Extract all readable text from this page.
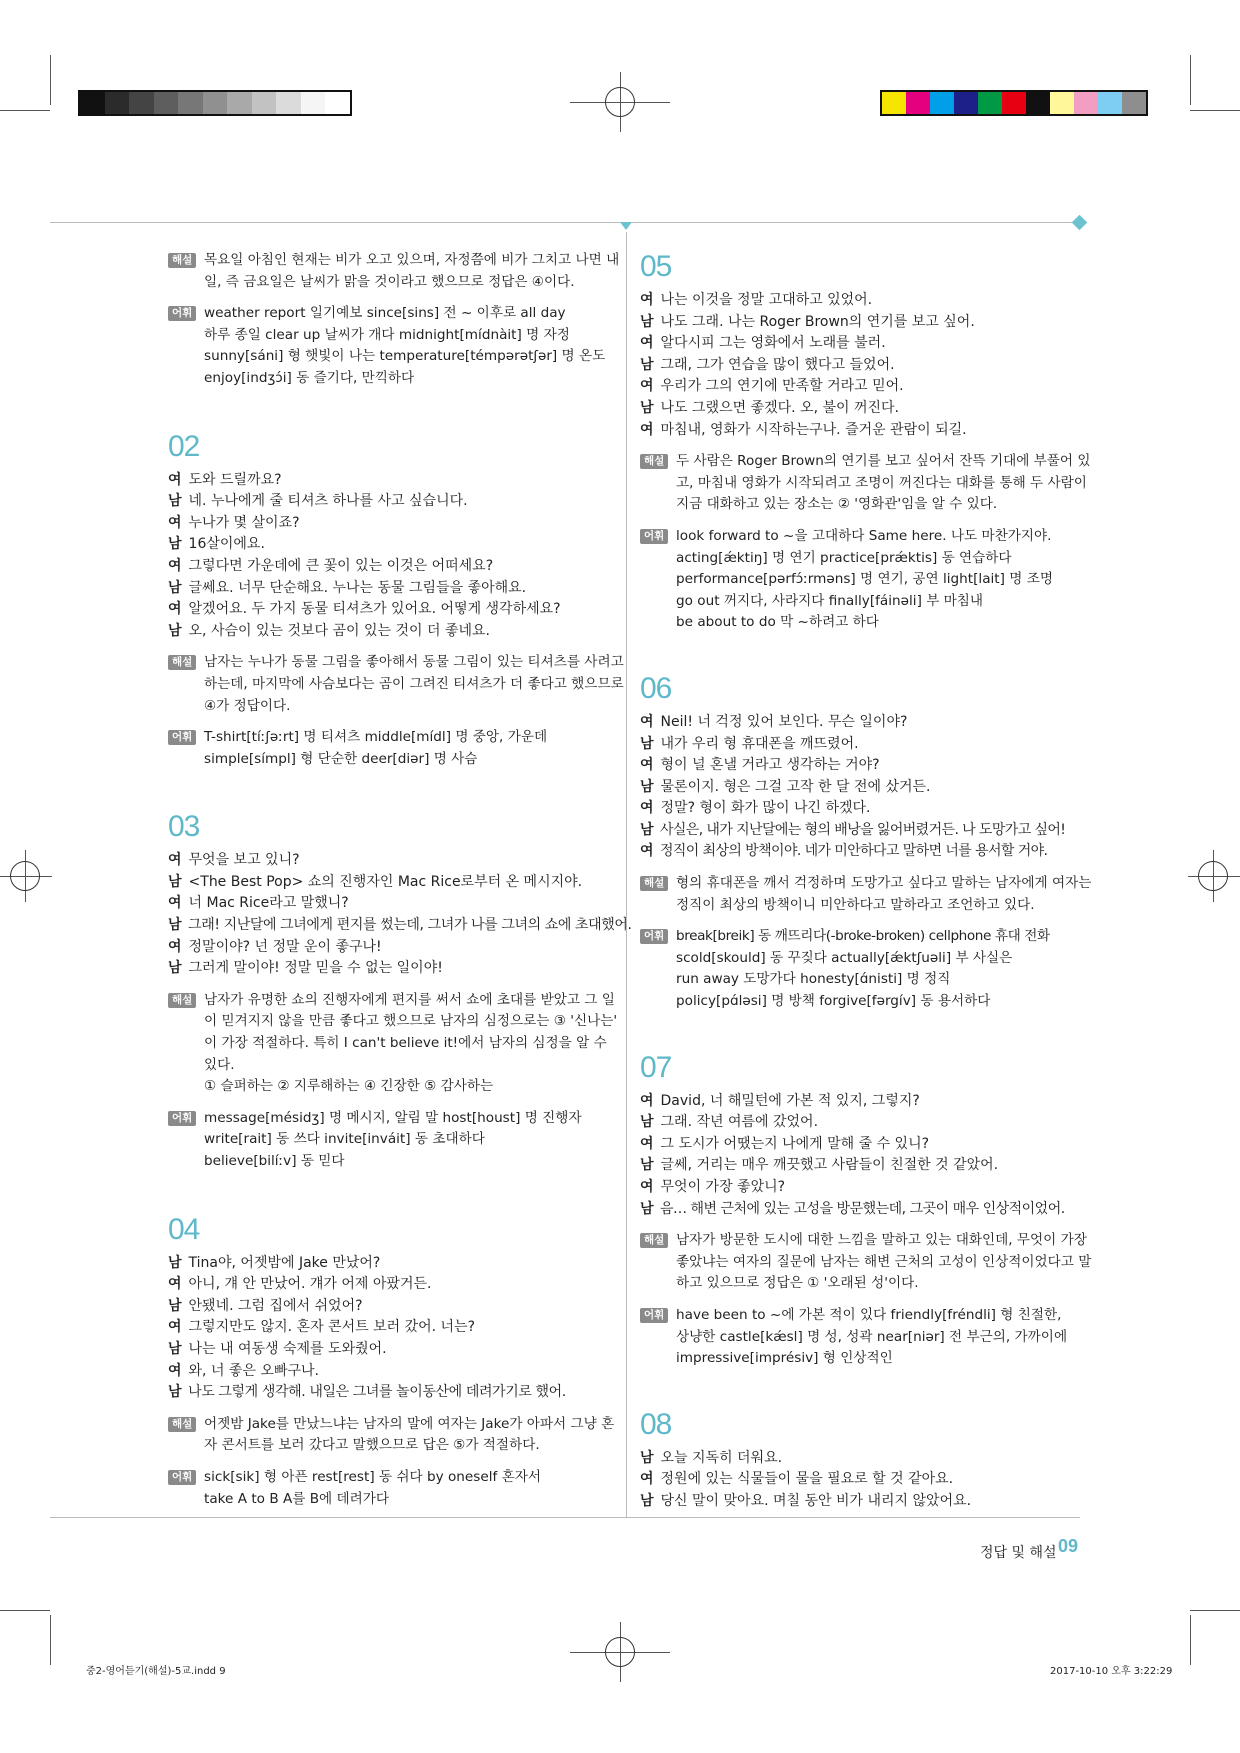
해설 목요일 아침인 현재는 비가 오고 있으며, 자정쯤에 비가 그치고 나면 내

일, 즉 금요일은 날씨가 맑을 것이라고 했으므로 정답은 ④이다.

어휘 weather report 일기예보 since[sins] 전 ~ 이후로 all day

하루 종일 clear up 날씨가 개다 midnight[mídnàit] 명 자정

sunny[sáni] 형 햇빛이 나는 temperature[témpərətʃər] 명 온도

enjoy[indʒɔ́i] 동 즐기다, 만끽하다

02

여 도와 드릴까요?

남 네. 누나에게 줄 티셔츠 하나를 사고 싶습니다.

여 누나가 몇 살이죠?

남 16살이에요.

여 그렇다면 가운데에 큰 꽃이 있는 이것은 어떠세요?

남 글쎄요. 너무 단순해요. 누나는 동물 그림들을 좋아해요.

여 알겠어요. 두 가지 동물 티셔츠가 있어요. 어떻게 생각하세요?

남 오, 사슴이 있는 것보다 곰이 있는 것이 더 좋네요.

해설 남자는 누나가 동물 그림을 좋아해서 동물 그림이 있는 티셔츠를 사려고

하는데, 마지막에 사슴보다는 곰이 그려진 티셔츠가 더 좋다고 했으므로

④가 정답이다.

어휘 T-shirt[tíːʃəːrt] 명 티셔츠 middle[mídl] 명 중앙, 가운데

simple[símpl] 형 단순한 deer[diər] 명 사슴

03

여 무엇을 보고 있니?

남 <The Best Pop> 쇼의 진행자인 Mac Rice로부터 온 메시지야.

여 너 Mac Rice라고 말했니?

남 그래! 지난달에 그녀에게 편지를 썼는데, 그녀가 나를 그녀의 쇼에 초대했어.

여 정말이야? 넌 정말 운이 좋구나!

남 그러게 말이야! 정말 믿을 수 없는 일이야!

해설 남자가 유명한 쇼의 진행자에게 편지를 써서 쇼에 초대를 받았고 그 일

이 믿겨지지 않을 만큼 좋다고 했으므로 남자의 심정으로는 ③ '신나는'

이 가장 적절하다. 특히 I can't believe it!에서 남자의 심정을 알 수

있다.

① 슬퍼하는 ② 지루해하는 ④ 긴장한 ⑤ 감사하는

어휘 message[mésidʒ] 명 메시지, 알림 말 host[houst] 명 진행자

write[rait] 동 쓰다 invite[inváit] 동 초대하다

believe[bilíːv] 동 믿다

04

남 Tina야, 어젯밤에 Jake 만났어?

여 아니, 걔 안 만났어. 걔가 어제 아팠거든.

남 안됐네. 그럼 집에서 쉬었어?

여 그렇지만도 않지. 혼자 콘서트 보러 갔어. 너는?

남 나는 내 여동생 숙제를 도와줬어.

여 와, 너 좋은 오빠구나.

남 나도 그렇게 생각해. 내일은 그녀를 놀이동산에 데려가기로 했어.

해설 어젯밤 Jake를 만났느냐는 남자의 말에 여자는 Jake가 아파서 그냥 혼

자 콘서트를 보러 갔다고 말했으므로 답은 ⑤가 적절하다.

어휘 sick[sik] 형 아픈 rest[rest] 동 쉬다 by oneself 혼자서

take A to B A를 B에 데려가다

05

여 나는 이것을 정말 고대하고 있었어.

남 나도 그래. 나는 Roger Brown의 연기를 보고 싶어.

여 알다시피 그는 영화에서 노래를 불러.

남 그래, 그가 연습을 많이 했다고 들었어.

여 우리가 그의 연기에 만족할 거라고 믿어.

남 나도 그랬으면 좋겠다. 오, 불이 꺼진다.

여 마침내, 영화가 시작하는구나. 즐거운 관람이 되길.

해설 두 사람은 Roger Brown의 연기를 보고 싶어서 잔뜩 기대에 부풀어 있

고, 마침내 영화가 시작되려고 조명이 꺼진다는 대화를 통해 두 사람이

지금 대화하고 있는 장소는 ② '영화관'임을 알 수 있다.

어휘 look forward to ~을 고대하다 Same here. 나도 마찬가지야.

acting[ǽktiŋ] 명 연기 practice[prǽktis] 동 연습하다

performance[pərfɔ́ːrməns] 명 연기, 공연 light[lait] 명 조명

go out 꺼지다, 사라지다 finally[fáinəli] 부 마침내

be about to do 막 ~하려고 하다

06

여 Neil! 너 걱정 있어 보인다. 무슨 일이야?

남 내가 우리 형 휴대폰을 깨뜨렸어.

여 형이 널 혼낼 거라고 생각하는 거야?

남 물론이지. 형은 그걸 고작 한 달 전에 샀거든.

여 정말? 형이 화가 많이 나긴 하겠다.

남 사실은, 내가 지난달에는 형의 배낭을 잃어버렸거든. 나 도망가고 싶어!

여 정직이 최상의 방책이야. 네가 미안하다고 말하면 너를 용서할 거야.

해설 형의 휴대폰을 깨서 걱정하며 도망가고 싶다고 말하는 남자에게 여자는

정직이 최상의 방책이니 미안하다고 말하라고 조언하고 있다.

어휘 break[breik] 동 깨뜨리다(-broke-broken) cellphone 휴대 전화

scold[skould] 동 꾸짖다 actually[ǽktʃuəli] 부 사실은

run away 도망가다 honesty[ɑ́nisti] 명 정직

policy[pɑ́ləsi] 명 방책 forgive[fərgív] 동 용서하다

07

여 David, 너 해밀턴에 가본 적 있지, 그렇지?

남 그래. 작년 여름에 갔었어.

여 그 도시가 어땠는지 나에게 말해 줄 수 있니?

남 글쎄, 거리는 매우 깨끗했고 사람들이 친절한 것 같았어.

여 무엇이 가장 좋았니?

남 음… 해변 근처에 있는 고성을 방문했는데, 그곳이 매우 인상적이었어.

해설 남자가 방문한 도시에 대한 느낌을 말하고 있는 대화인데, 무엇이 가장

좋았냐는 여자의 질문에 남자는 해변 근처의 고성이 인상적이었다고 말

하고 있으므로 정답은 ① '오래된 성'이다.

어휘 have been to ~에 가본 적이 있다 friendly[fréndli] 형 친절한,

상냥한 castle[kǽsl] 명 성, 성곽 near[niər] 전 부근의, 가까이에

impressive[imprésiv] 형 인상적인

08

남 오늘 지독히 더워요.

여 정원에 있는 식물들이 물을 필요로 할 것 같아요.

남 당신 말이 맞아요. 며칠 동안 비가 내리지 않았어요.

정답 및 해설 09
중2-영어듣기(해설)-5교.indd 9	2017-10-10 오후 3:22:29
